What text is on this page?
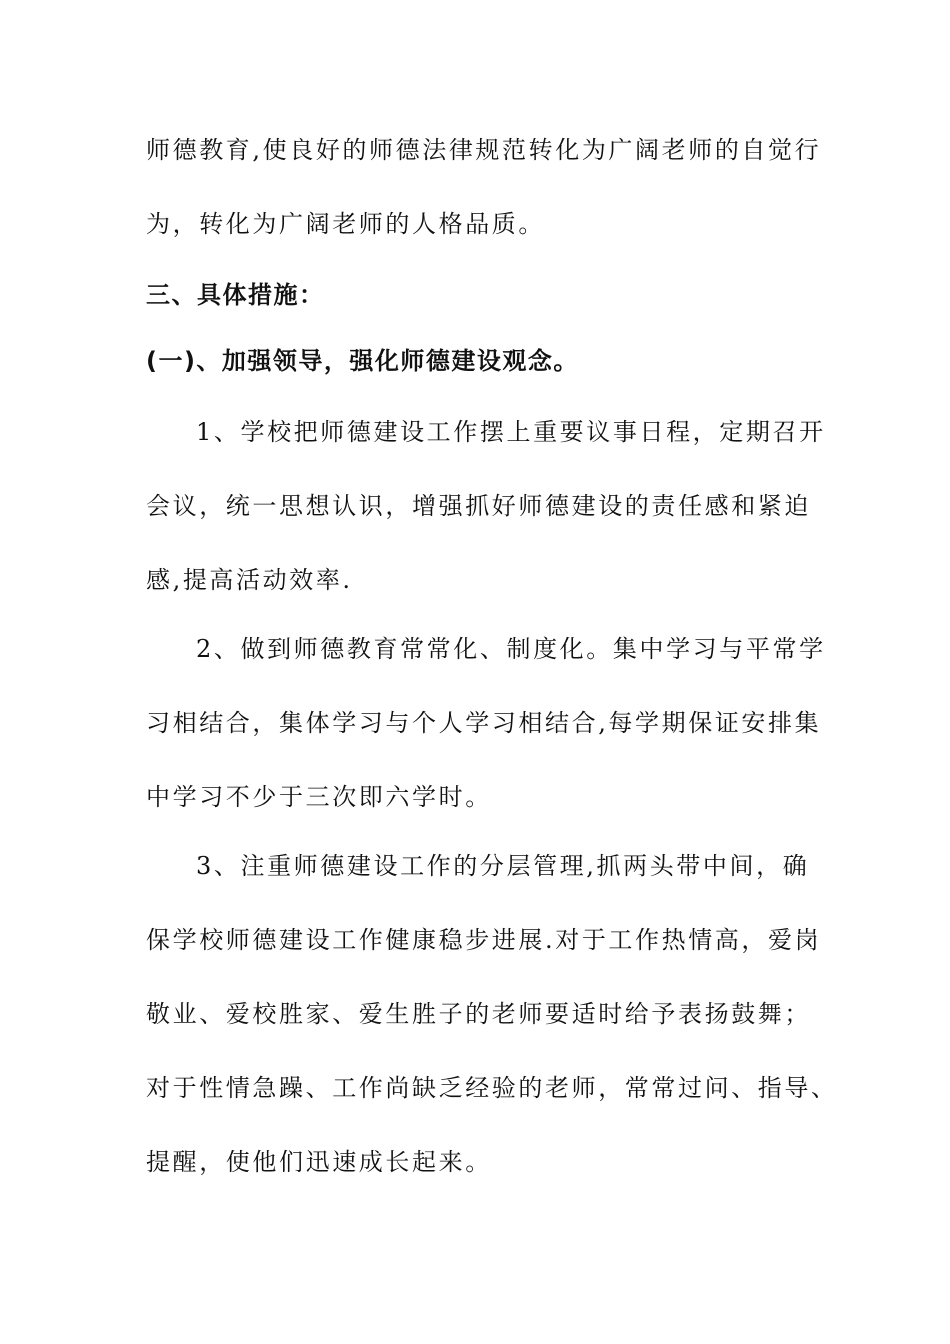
师德教育,使良好的师德法律规范转化为广阔老师的自觉行
为，转化为广阔老师的人格品质。
三、具体措施：
(一)、加强领导，强化师德建设观念。
1、学校把师德建设工作摆上重要议事日程，定期召开
会议，统一思想认识，增强抓好师德建设的责任感和紧迫
感,提高活动效率.
2、做到师德教育常常化、制度化。集中学习与平常学
习相结合，集体学习与个人学习相结合,每学期保证安排集
中学习不少于三次即六学时。
3、注重师德建设工作的分层管理,抓两头带中间，确
保学校师德建设工作健康稳步进展.对于工作热情高，爱岗
敬业、爱校胜家、爱生胜子的老师要适时给予表扬鼓舞；
对于性情急躁、工作尚缺乏经验的老师，常常过问、指导、
提醒，使他们迅速成长起来。
